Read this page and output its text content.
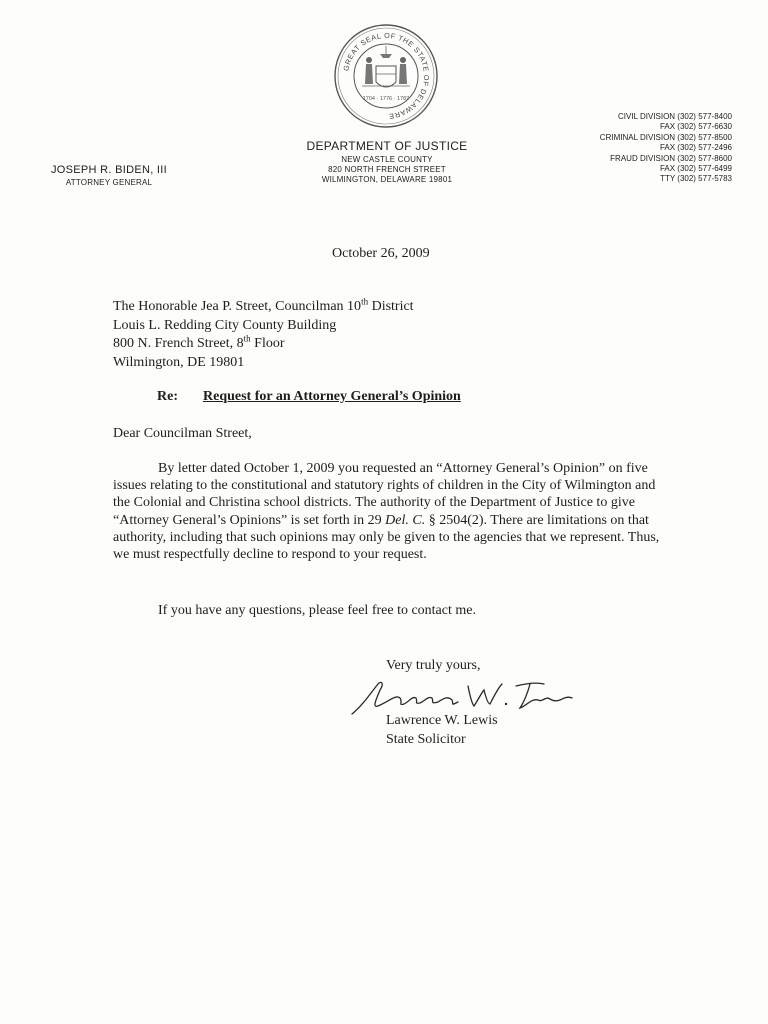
GREAT SEAL OF THE STATE OF DELAWARE
1704 · 1776 · 1787
DEPARTMENT OF JUSTICE
NEW CASTLE COUNTY
820 NORTH FRENCH STREET
WILMINGTON, DELAWARE 19801
JOSEPH R. BIDEN, III
ATTORNEY GENERAL
CIVIL DIVISION (302) 577-8400
FAX (302) 577-6630
CRIMINAL DIVISION (302) 577-8500
FAX (302) 577-2496
FRAUD DIVISION (302) 577-8600
FAX (302) 577-6499
TTY (302) 577-5783
October 26, 2009
The Honorable Jea P. Street, Councilman 10th District
Louis L. Redding City County Building
800 N. French Street, 8th Floor
Wilmington, DE 19801
Re: Request for an Attorney General’s Opinion
Dear Councilman Street,
By letter dated October 1, 2009 you requested an “Attorney General’s Opinion” on five issues relating to the constitutional and statutory rights of children in the City of Wilmington and the Colonial and Christina school districts. The authority of the Department of Justice to give “Attorney General’s Opinions” is set forth in 29 Del. C. § 2504(2). There are limitations on that authority, including that such opinions may only be given to the agencies that we represent. Thus, we must respectfully decline to respond to your request.
If you have any questions, please feel free to contact me.
Very truly yours,
Lawrence W. Lewis
State Solicitor
